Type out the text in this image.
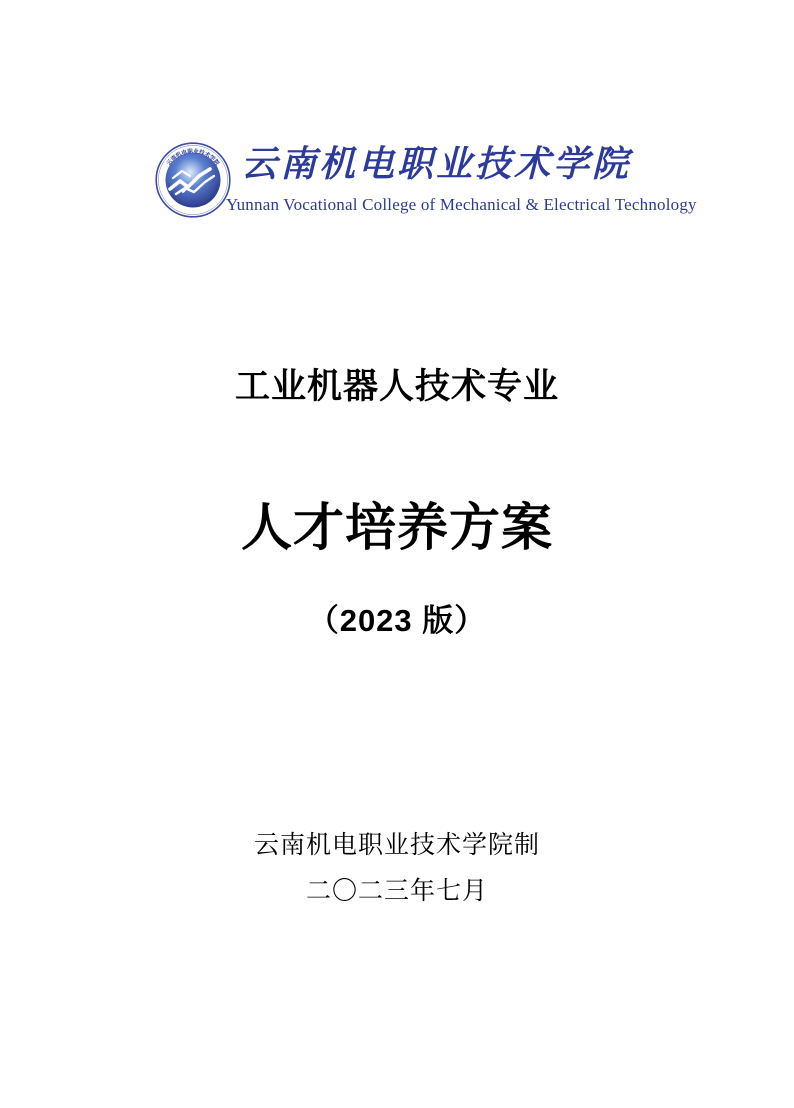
云南机电职业技术学院
Yunnan Vocational College of Mechanical & Electrical Technology 云南机电职业技术学院
Yunnan Vocational College of Mechanical & Electrical Technology
工业机器人技术专业
人才培养方案
（2023 版）
云南机电职业技术学院制
二〇二三年七月
